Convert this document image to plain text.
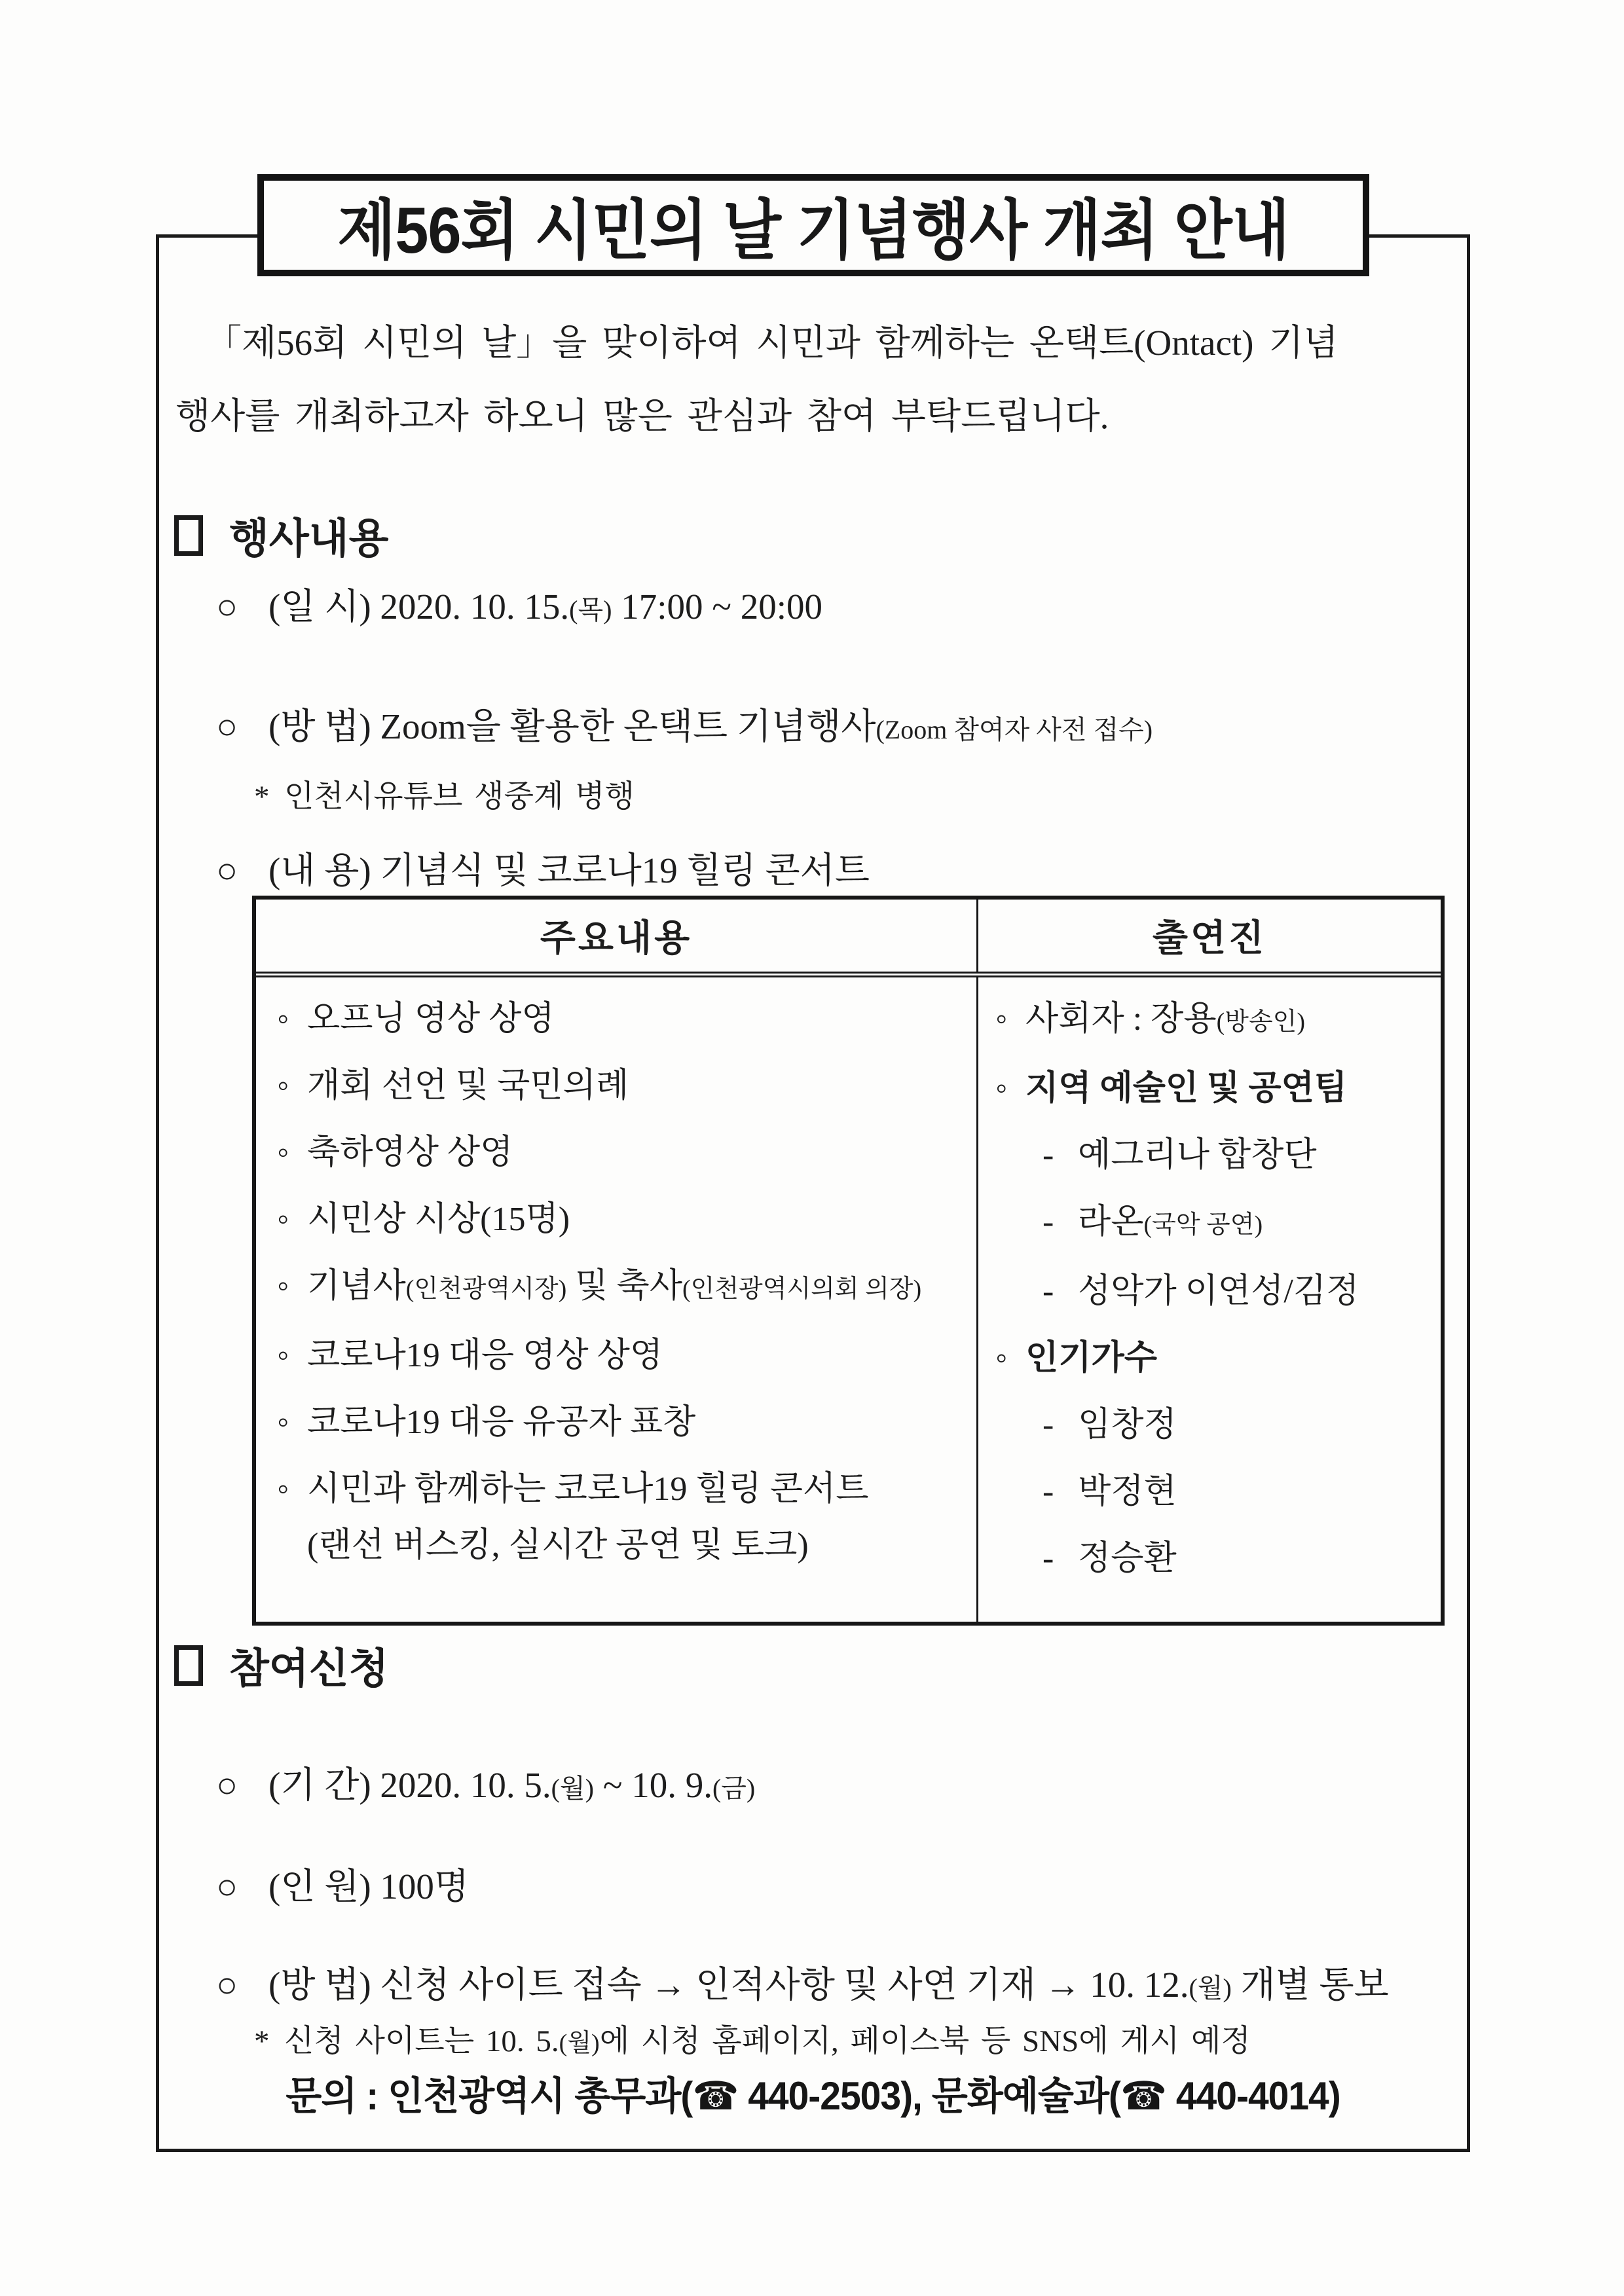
제56회 시민의 날 기념행사 개최 안내
「제56회 시민의 날」을 맞이하여 시민과 함께하는 온택트(Ontact) 기념
행사를 개최하고자 하오니 많은 관심과 참여 부탁드립니다.
행사내용
○ (일 시) 2020. 10. 15.(목) 17:00 ~ 20:00
○ (방 법) Zoom을 활용한 온택트 기념행사(Zoom 참여자 사전 접수)
* 인천시유튜브 생중계 병행
○ (내 용) 기념식 및 코로나19 힐링 콘서트
주요내용	출연진
◦ 오프닝 영상 상영
◦ 개회 선언 및 국민의례
◦ 축하영상 상영
◦ 시민상 시상(15명)
◦ 기념사(인천광역시장) 및 축사(인천광역시의회 의장)
◦ 코로나19 대응 영상 상영
◦ 코로나19 대응 유공자 표창
◦ 시민과 함께하는 코로나19 힐링 콘서트
(랜선 버스킹, 실시간 공연 및 토크)
◦ 사회자 : 장용(방송인)
◦ 지역 예술인 및 공연팀
- 예그리나 합창단
- 라온(국악 공연)
- 성악가 이연성/김정
◦ 인기가수
- 임창정
- 박정현
- 정승환
참여신청
○ (기 간) 2020. 10. 5.(월) ~ 10. 9.(금)
○ (인 원) 100명
○ (방 법) 신청 사이트 접속 → 인적사항 및 사연 기재 → 10. 12.(월) 개별 통보
* 신청 사이트는 10. 5.(월)에 시청 홈페이지, 페이스북 등 SNS에 게시 예정
문의 : 인천광역시 총무과(☎ 440-2503), 문화예술과(☎ 440-4014)
